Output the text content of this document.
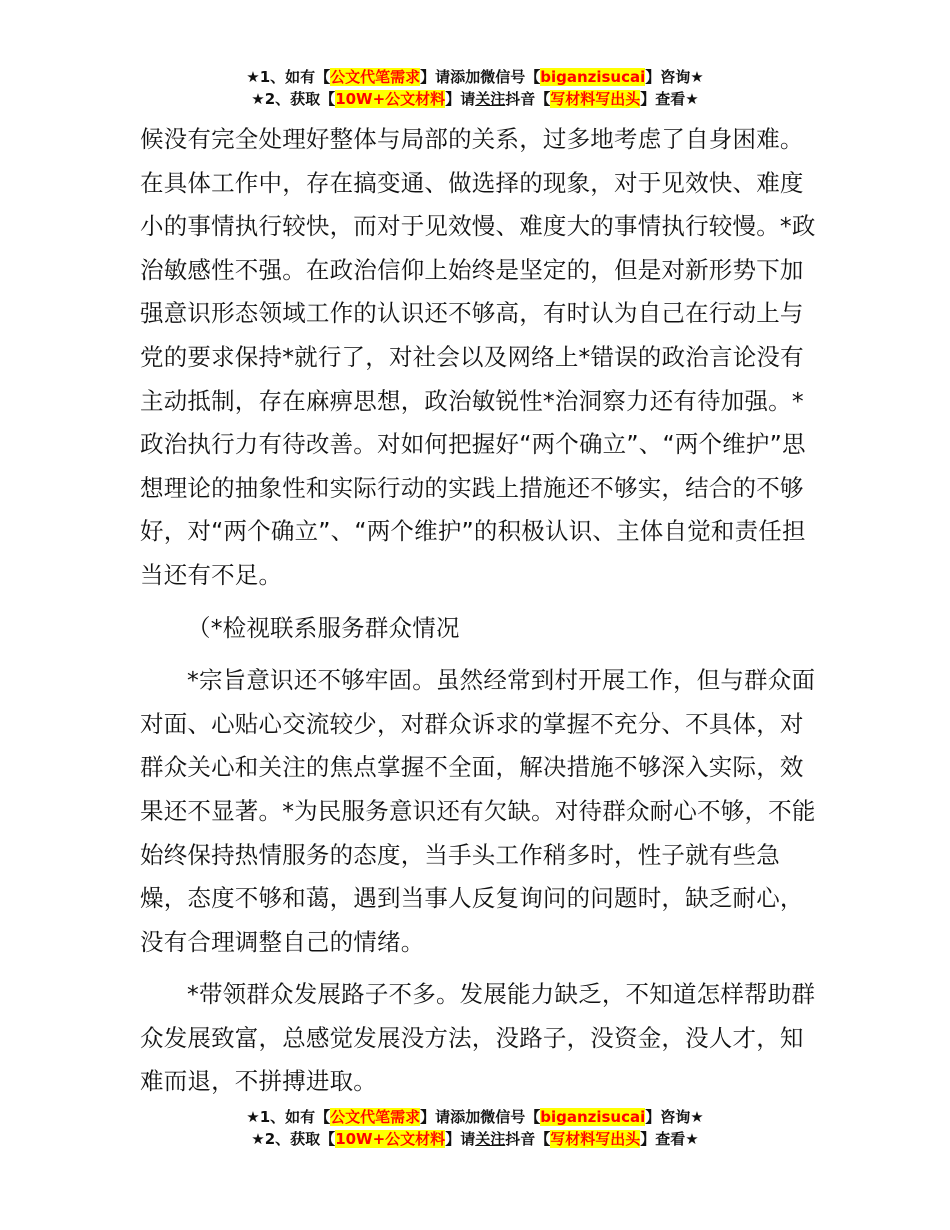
★1、如有【公文代笔需求】请添加微信号【biganzisucai】咨询★
★2、获取【10W+公文材料】请关注抖音【写材料写出头】查看★

候没有完全处理好整体与局部的关系，过多地考虑了自身困难。在具体工作中，存在搞变通、做选择的现象，对于见效快、难度小的事情执行较快，而对于见效慢、难度大的事情执行较慢。*政治敏感性不强。在政治信仰上始终是坚定的，但是对新形势下加强意识形态领域工作的认识还不够高，有时认为自己在行动上与党的要求保持*就行了，对社会以及网络上*错误的政治言论没有主动抵制，存在麻痹思想，政治敏锐性*治洞察力还有待加强。*政治执行力有待改善。对如何把握好“两个确立”、“两个维护”思想理论的抽象性和实际行动的实践上措施还不够实，结合的不够好，对“两个确立”、“两个维护”的积极认识、主体自觉和责任担当还有不足。

（*检视联系服务群众情况

*宗旨意识还不够牢固。虽然经常到村开展工作，但与群众面对面、心贴心交流较少，对群众诉求的掌握不充分、不具体，对群众关心和关注的焦点掌握不全面，解决措施不够深入实际，效果还不显著。*为民服务意识还有欠缺。对待群众耐心不够，不能始终保持热情服务的态度，当手头工作稍多时，性子就有些急燥，态度不够和蔼，遇到当事人反复询问的问题时，缺乏耐心，没有合理调整自己的情绪。

*带领群众发展路子不多。发展能力缺乏，不知道怎样帮助群众发展致富，总感觉发展没方法，没路子，没资金，没人才，知难而退，不拼搏进取。

★1、如有【公文代笔需求】请添加微信号【biganzisucai】咨询★
★2、获取【10W+公文材料】请关注抖音【写材料写出头】查看★
